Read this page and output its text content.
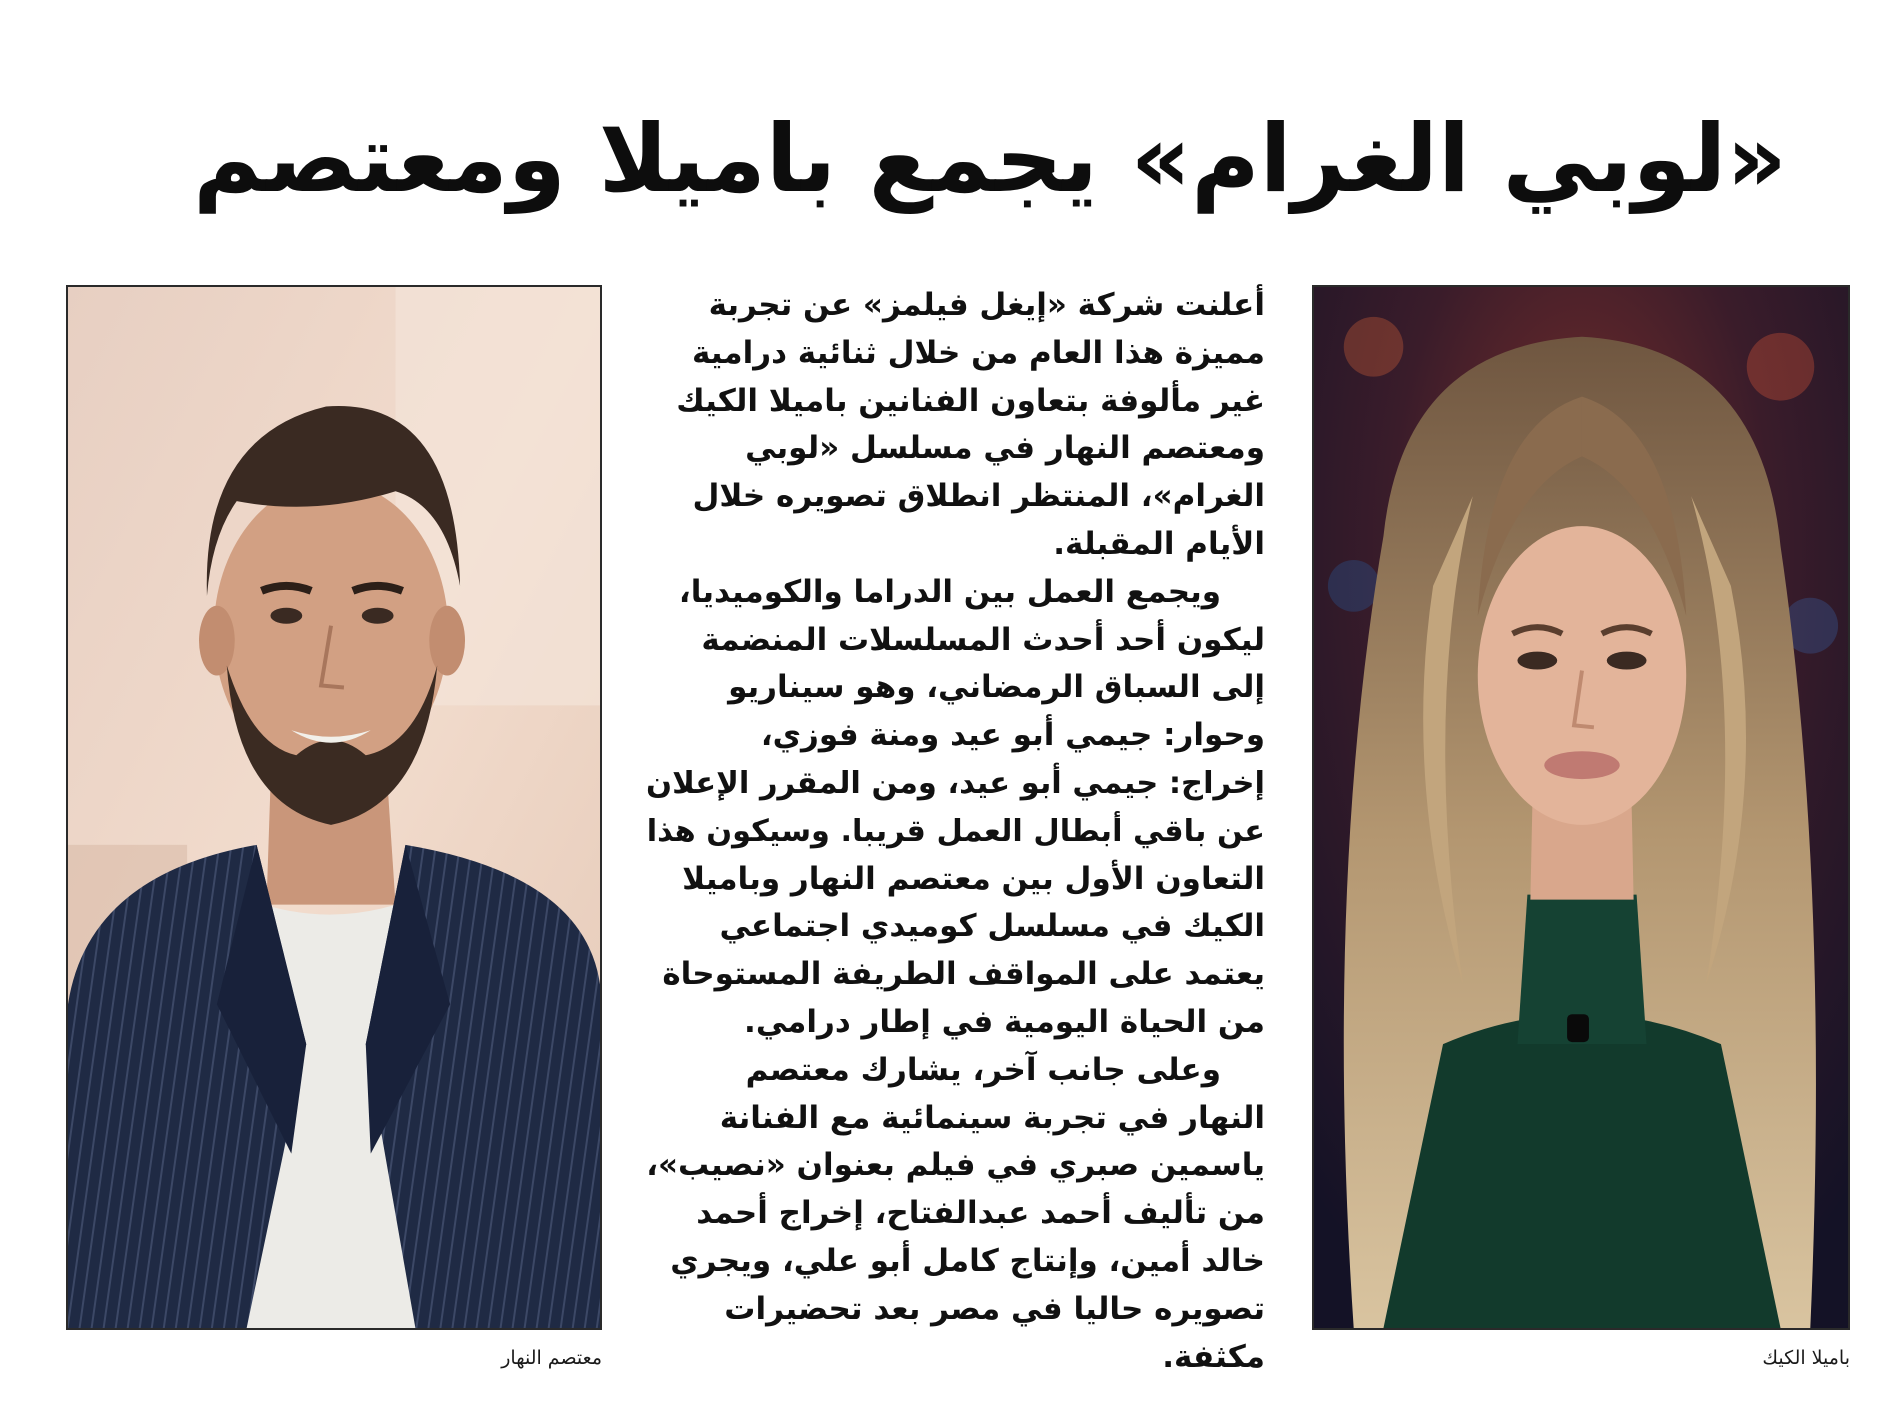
«لوبي الغرام» يجمع باميلا ومعتصم
معتصم النهار	باميلا الكيك
أعلنت شركة «إيغل فيلمز» عن تجربة
مميزة هذا العام من خلال ثنائية درامية
غير مألوفة بتعاون الفنانين باميلا الكيك
ومعتصم النهار في مسلسل «لوبي
الغرام»، المنتظر انطلاق تصويره خلال
الأيام المقبلة.
ويجمع العمل بين الدراما والكوميديا،
ليكون أحد أحدث المسلسلات المنضمة
إلى السباق الرمضاني، وهو سيناريو
وحوار: جيمي أبو عيد ومنة فوزي،
إخراج: جيمي أبو عيد، ومن المقرر الإعلان
عن باقي أبطال العمل قريبا. وسيكون هذا
التعاون الأول بين معتصم النهار وباميلا
الكيك في مسلسل كوميدي اجتماعي
يعتمد على المواقف الطريفة المستوحاة
من الحياة اليومية في إطار درامي.
وعلى جانب آخر، يشارك معتصم
النهار في تجربة سينمائية مع الفنانة
ياسمين صبري في فيلم بعنوان «نصيب»،
من تأليف أحمد عبدالفتاح، إخراج أحمد
خالد أمين، وإنتاج كامل أبو علي، ويجري
تصويره حاليا في مصر بعد تحضيرات
مكثفة.
